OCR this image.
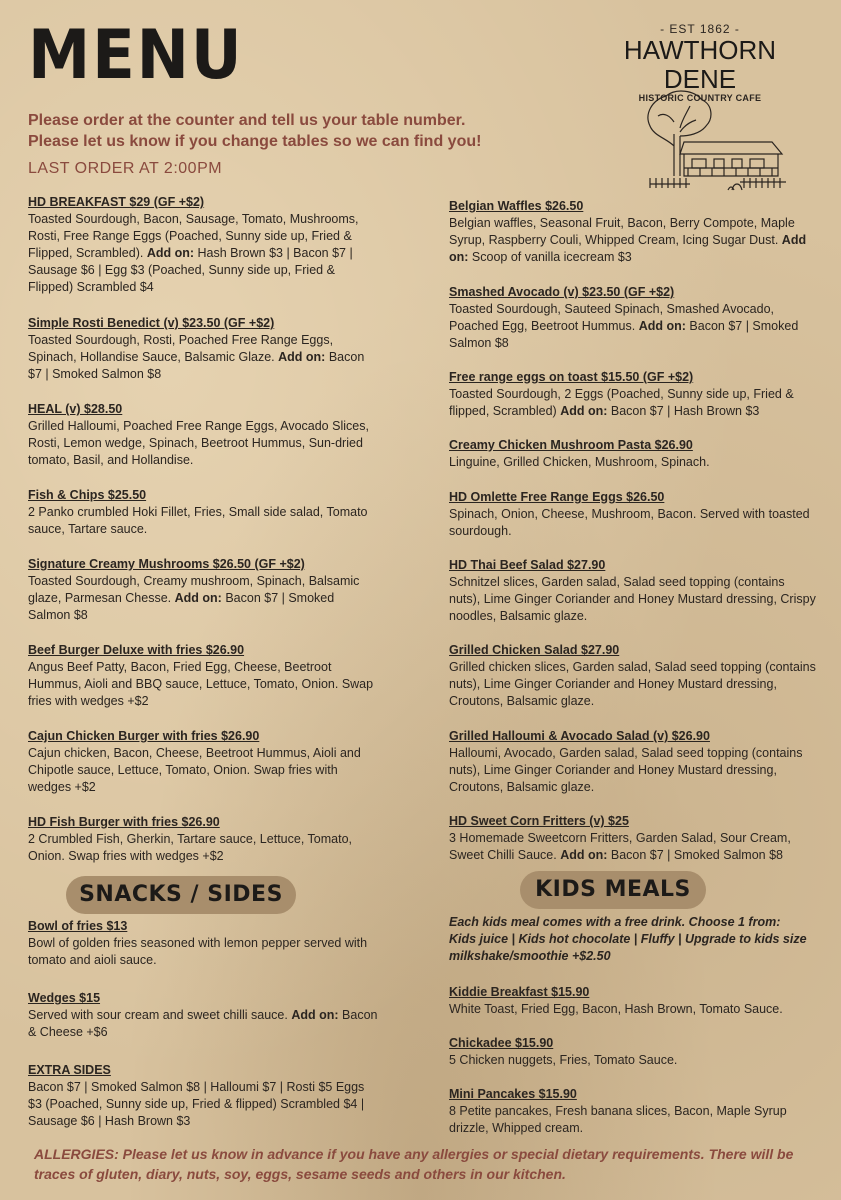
MENU
Please order at the counter and tell us your table number.
Please let us know if you change tables so we can find you!
LAST ORDER AT 2:00PM
- EST 1862 -
HAWTHORN DENE
HISTORIC COUNTRY CAFE
HD BREAKFAST $29 (GF +$2)
Toasted Sourdough, Bacon, Sausage, Tomato, Mushrooms, Rosti, Free Range Eggs (Poached, Sunny side up, Fried & Flipped, Scrambled). Add on: Hash Brown $3 | Bacon $7 | Sausage $6 | Egg $3 (Poached, Sunny side up, Fried & Flipped) Scrambled $4
Simple Rosti Benedict (v) $23.50 (GF +$2)
Toasted Sourdough, Rosti, Poached Free Range Eggs, Spinach, Hollandise Sauce, Balsamic Glaze. Add on: Bacon $7 | Smoked Salmon $8
HEAL (v) $28.50
Grilled Halloumi, Poached Free Range Eggs, Avocado Slices, Rosti, Lemon wedge, Spinach, Beetroot Hummus, Sun-dried tomato, Basil, and Hollandise.
Fish & Chips $25.50
2 Panko crumbled Hoki Fillet, Fries, Small side salad, Tomato sauce, Tartare sauce.
Signature Creamy Mushrooms $26.50 (GF +$2)
Toasted Sourdough, Creamy mushroom, Spinach, Balsamic glaze, Parmesan Chesse. Add on: Bacon $7 | Smoked Salmon $8
Beef Burger Deluxe with fries $26.90
Angus Beef Patty, Bacon, Fried Egg, Cheese, Beetroot Hummus, Aioli and BBQ sauce, Lettuce, Tomato, Onion. Swap fries with wedges +$2
Cajun Chicken Burger with fries $26.90
Cajun chicken, Bacon, Cheese, Beetroot Hummus, Aioli and Chipotle sauce, Lettuce, Tomato, Onion. Swap fries with wedges +$2
HD Fish Burger with fries $26.90
2 Crumbled Fish, Gherkin, Tartare sauce, Lettuce, Tomato, Onion. Swap fries with wedges +$2
SNACKS / SIDES
Bowl of fries $13
Bowl of golden fries seasoned with lemon pepper served with tomato and aioli sauce.
Wedges $15
Served with sour cream and sweet chilli sauce. Add on: Bacon & Cheese +$6
EXTRA SIDES
Bacon $7 | Smoked Salmon $8 | Halloumi $7 | Rosti $5 Eggs $3 (Poached, Sunny side up, Fried & flipped) Scrambled $4 | Sausage $6 | Hash Brown $3
Belgian Waffles $26.50
Belgian waffles, Seasonal Fruit, Bacon, Berry Compote, Maple Syrup, Raspberry Couli, Whipped Cream, Icing Sugar Dust. Add on: Scoop of vanilla icecream $3
Smashed Avocado (v) $23.50 (GF +$2)
Toasted Sourdough, Sauteed Spinach, Smashed Avocado, Poached Egg, Beetroot Hummus. Add on: Bacon $7 | Smoked Salmon $8
Free range eggs on toast $15.50 (GF +$2)
Toasted Sourdough, 2 Eggs (Poached, Sunny side up, Fried & flipped, Scrambled) Add on: Bacon $7 | Hash Brown $3
Creamy Chicken Mushroom Pasta $26.90
Linguine, Grilled Chicken, Mushroom, Spinach.
HD Omlette Free Range Eggs $26.50
Spinach, Onion, Cheese, Mushroom, Bacon. Served with toasted sourdough.
HD Thai Beef Salad $27.90
Schnitzel slices, Garden salad, Salad seed topping (contains nuts), Lime Ginger Coriander and Honey Mustard dressing, Crispy noodles, Balsamic glaze.
Grilled Chicken Salad $27.90
Grilled chicken slices, Garden salad, Salad seed topping (contains nuts), Lime Ginger Coriander and Honey Mustard dressing, Croutons, Balsamic glaze.
Grilled Halloumi & Avocado Salad (v) $26.90
Halloumi, Avocado, Garden salad, Salad seed topping (contains nuts), Lime Ginger Coriander and Honey Mustard dressing, Croutons, Balsamic glaze.
HD Sweet Corn Fritters (v) $25
3 Homemade Sweetcorn Fritters, Garden Salad, Sour Cream, Sweet Chilli Sauce. Add on: Bacon $7 | Smoked Salmon $8
KIDS MEALS
Each kids meal comes with a free drink. Choose 1 from: Kids juice | Kids hot chocolate | Fluffy | Upgrade to kids size milkshake/smoothie +$2.50
Kiddie Breakfast $15.90
White Toast, Fried Egg, Bacon, Hash Brown, Tomato Sauce.
Chickadee $15.90
5 Chicken nuggets, Fries, Tomato Sauce.
Mini Pancakes $15.90
8 Petite pancakes, Fresh banana slices, Bacon, Maple Syrup drizzle, Whipped cream.
ALLERGIES: Please let us know in advance if you have any allergies or special dietary requirements. There will be traces of gluten, diary, nuts, soy, eggs, sesame seeds and others in our kitchen.
